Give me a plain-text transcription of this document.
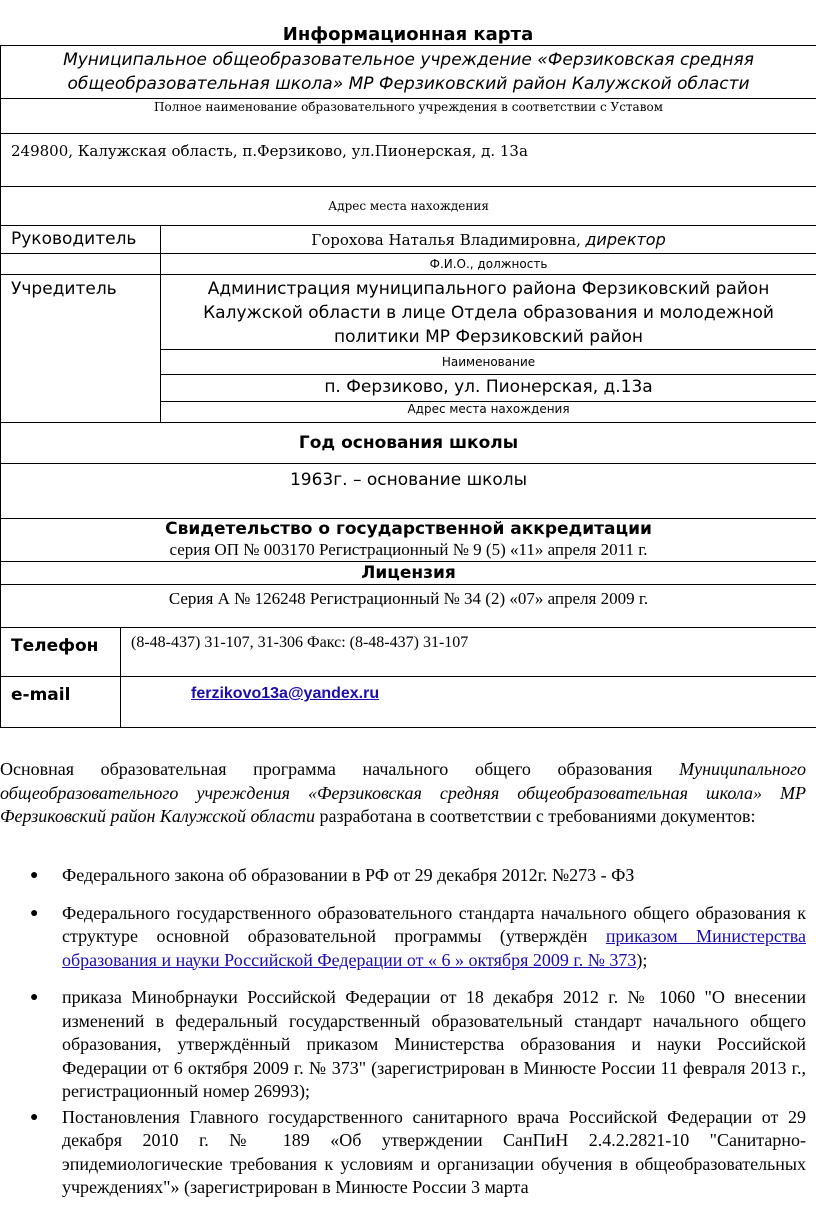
Информационная карта
Муниципальное общеобразовательное учреждение «Ферзиковская средняя
общеобразовательная школа» МР Ферзиковский район Калужской области		

Полное наименование образовательного учреждения в соответствии с Уставом		
249800, Калужская область, п.Ферзиково, ул.Пионерская, д. 13а		
Адрес места нахождения		
Руководитель		Горохова Наталья Владимировна, директор
		Ф.И.О., должность
Учредитель		Администрация муниципального района Ферзиковский район
Калужской области в лице Отдела образования и молодежной
политики МР Ферзиковский район

		Наименование
		п. Ферзиково, ул. Пионерская, д.13а
		Адрес места нахождения
Год основания школы		
1963г. – основание школы		
Свидетельство о государственной аккредитации
серия ОП № 003170 Регистрационный № 9 (5) «11» апреля 2011 г.		

Лицензия		
Серия А № 126248 Регистрационный № 34 (2) «07» апреля 2009 г.		
Телефон	(8-48-437) 31-107, 31-306 Факс: (8-48-437) 31-107	
e-mail	ferzikovo13a@yandex.ru	
Основная образовательная программа начального общего образования Муниципального общеобразовательного учреждения «Ферзиковская средняя общеобразовательная школа» МР Ферзиковский район Калужской области разработана в соответствии с требованиями документов:
● Федерального закона об образовании в РФ от 29 декабря 2012г. №273 - ФЗ
● Федерального государственного образовательного стандарта начального общего образования к структуре основной образовательной программы (утверждён приказом Министерства образования и науки Российской Федерации от « 6 » октября 2009 г. № 373);
● приказа Минобрнауки Российской Федерации от 18 декабря 2012 г. № 1060 "О внесении изменений в федеральный государственный образовательный стандарт начального общего образования, утверждённый приказом Министерства образования и науки Российской Федерации от 6 октября 2009 г. № 373" (зарегистрирован в Минюсте России 11 февраля 2013 г., регистрационный номер 26993);
● Постановления Главного государственного санитарного врача Российской Федерации от 29 декабря 2010 г. № 189 «Об утверждении СанПиН 2.4.2.2821-10 "Санитарно-эпидемиологические требования к условиям и организации обучения в общеобразовательных учреждениях"» (зарегистрирован в Минюсте России 3 марта
